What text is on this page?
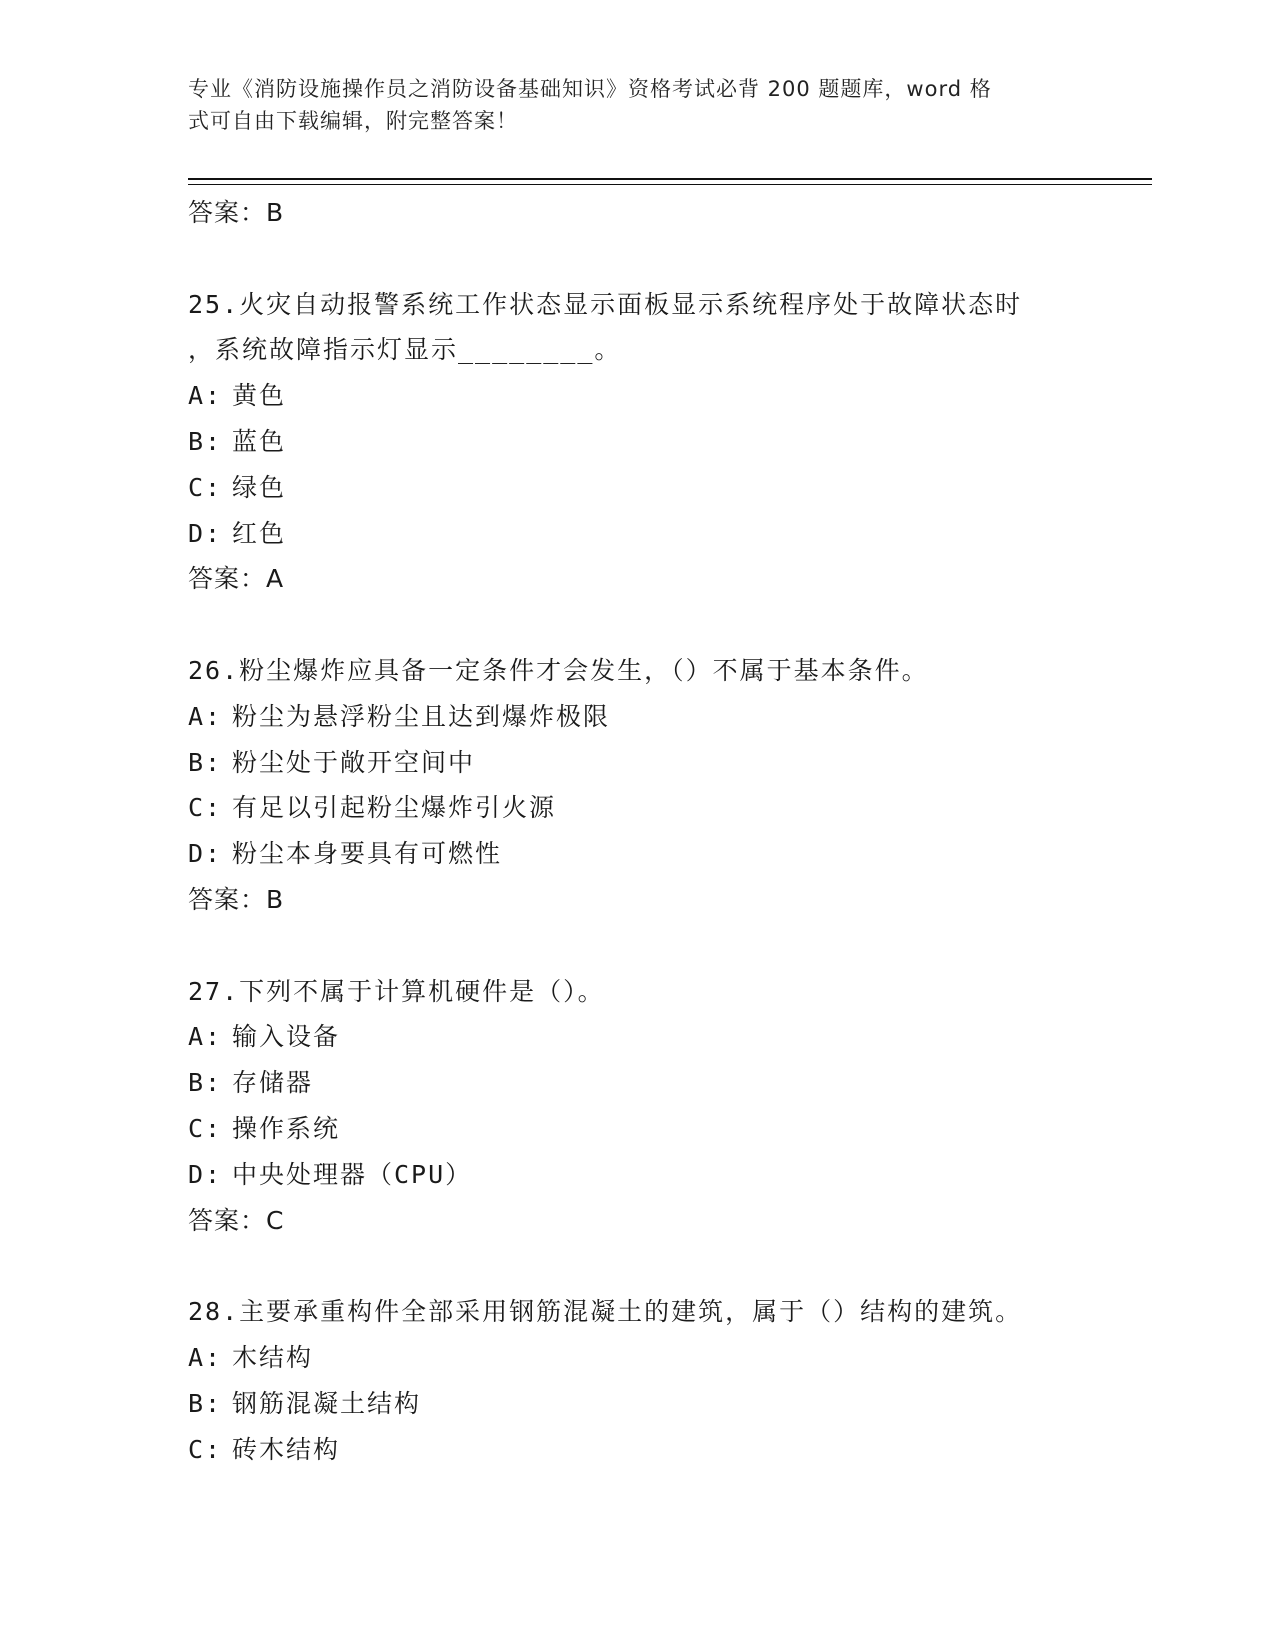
专业《消防设施操作员之消防设备基础知识》资格考试必背 200 题题库，word 格
式可自由下载编辑，附完整答案！
答案：B
25.火灾自动报警系统工作状态显示面板显示系统程序处于故障状态时
，系统故障指示灯显示________。
A: 黄色
B: 蓝色
C: 绿色
D: 红色
答案：A
26.粉尘爆炸应具备一定条件才会发生，（）不属于基本条件。
A: 粉尘为悬浮粉尘且达到爆炸极限
B: 粉尘处于敞开空间中
C: 有足以引起粉尘爆炸引火源
D: 粉尘本身要具有可燃性
答案：B
27.下列不属于计算机硬件是（）。
A: 输入设备
B: 存储器
C: 操作系统
D: 中央处理器（CPU）
答案：C
28.主要承重构件全部采用钢筋混凝土的建筑，属于（）结构的建筑。
A: 木结构
B: 钢筋混凝土结构
C: 砖木结构
